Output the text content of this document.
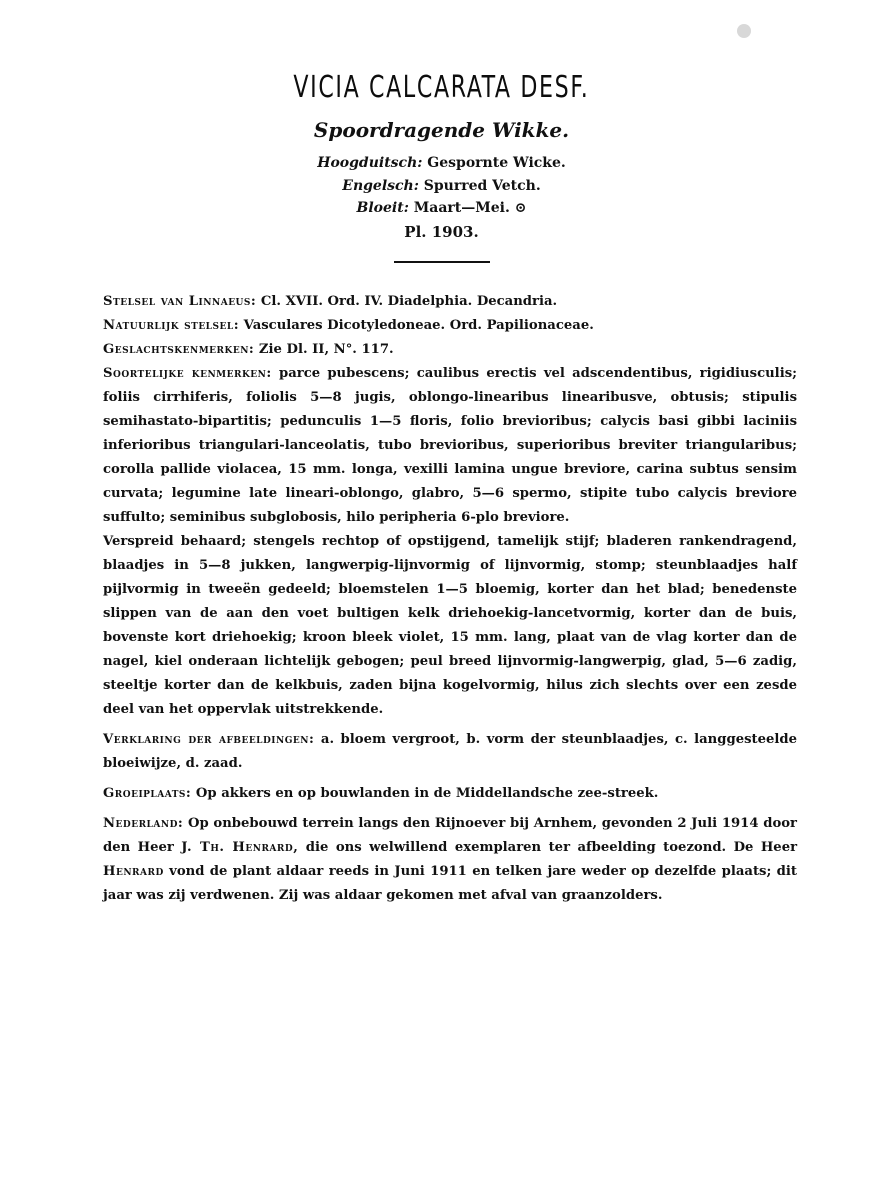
VICIA CALCARATA DESF.
Spoordragende Wikke.
Hoogduitsch: Gespornte Wicke.
Engelsch: Spurred Vetch.
Bloeit: Maart—Mei. ⊙
Pl. 1903.

Stelsel van Linnaeus: Cl. XVII. Ord. IV. Diadelphia. Decandria.

Natuurlijk stelsel: Vasculares Dicotyledoneae. Ord. Papilionaceae.

Geslachtskenmerken: Zie Dl. II, N°. 117.

Soortelijke kenmerken: parce pubescens; caulibus erectis vel adscendentibus, rigidiusculis; foliis cirrhiferis, foliolis 5—8 jugis, oblongo-linearibus linearibusve, obtusis; stipulis semihastato-bipartitis; pedunculis 1—5 floris, folio brevioribus; calycis basi gibbi laciniis inferioribus triangulari-lanceolatis, tubo brevioribus, superioribus breviter triangularibus; corolla pallide violacea, 15 mm. longa, vexilli lamina ungue breviore, carina subtus sensim curvata; legumine late lineari-oblongo, glabro, 5—6 spermo, stipite tubo calycis breviore suffulto; seminibus subglobosis, hilo peripheria 6-plo breviore.

Verspreid behaard; stengels rechtop of opstijgend, tamelijk stijf; bladeren rankendragend, blaadjes in 5—8 jukken, langwerpig-lijnvormig of lijnvormig, stomp; steunblaadjes half pijlvormig in tweeën gedeeld; bloemstelen 1—5 bloemig, korter dan het blad; benedenste slippen van de aan den voet bultigen kelk driehoekig-lancetvormig, korter dan de buis, bovenste kort driehoekig; kroon bleek violet, 15 mm. lang, plaat van de vlag korter dan de nagel, kiel onderaan lichtelijk gebogen; peul breed lijnvormig-langwerpig, glad, 5—6 zadig, steeltje korter dan de kelkbuis, zaden bijna kogelvormig, hilus zich slechts over een zesde deel van het oppervlak uitstrekkende.

Verklaring der afbeeldingen: a. bloem vergroot, b. vorm der steunblaadjes, c. langgesteelde bloeiwijze, d. zaad.

Groeiplaats: Op akkers en op bouwlanden in de Middellandsche zee-streek.

Nederland: Op onbebouwd terrein langs den Rijnoever bij Arnhem, gevonden 2 Juli 1914 door den Heer J. Th. Henrard, die ons welwillend exemplaren ter afbeelding toezond. De Heer Henrard vond de plant aldaar reeds in Juni 1911 en telken jare weder op dezelfde plaats; dit jaar was zij verdwenen. Zij was aldaar gekomen met afval van graanzolders.
